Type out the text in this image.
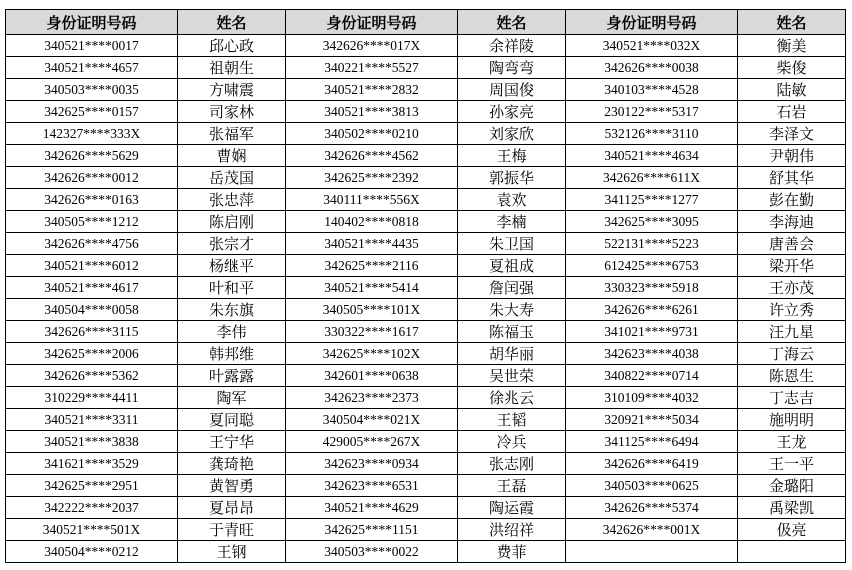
身份证明号码	姓名	身份证明号码	姓名	身份证明号码	姓名
340521****0017	邱心政	342626****017X	余祥陵	340521****032X	衡美
340521****4657	祖朝生	340221****5527	陶弯弯	342626****0038	柴俊
340503****0035	方啸震	340521****2832	周国俊	340103****4528	陆敏
342625****0157	司家林	340521****3813	孙家亮	230122****5317	石岩
142327****333X	张福军	340502****0210	刘家欣	532126****3110	李泽文
342626****5629	曹娴	342626****4562	王梅	340521****4634	尹朝伟
342626****0012	岳茂国	342625****2392	郭振华	342626****611X	舒其华
342626****0163	张忠萍	340111****556X	袁欢	341125****1277	彭在勤
340505****1212	陈启刚	140402****0818	李楠	342625****3095	李海迪
342626****4756	张宗才	340521****4435	朱卫国	522131****5223	唐善会
340521****6012	杨继平	342625****2116	夏祖成	612425****6753	梁开华
340521****4617	叶和平	340521****5414	詹闰强	330323****5918	王亦茂
340504****0058	朱东旗	340505****101X	朱大寿	342626****6261	许立秀
342626****3115	李伟	330322****1617	陈福玉	341021****9731	汪九星
342625****2006	韩邦维	342625****102X	胡华丽	342623****4038	丁海云
342626****5362	叶露露	342601****0638	吴世荣	340822****0714	陈恩生
310229****4411	陶军	342623****2373	徐兆云	310109****4032	丁志吉
340521****3311	夏同聪	340504****021X	王韬	320921****5034	施明明
340521****3838	王宁华	429005****267X	冷兵	341125****6494	王龙
341621****3529	龚琦艳	342623****0934	张志刚	342626****6419	王一平
342625****2951	黄智勇	342623****6531	王磊	340503****0625	金璐阳
342222****2037	夏昂昂	340521****4629	陶运霞	342626****5374	禹梁凯
340521****501X	于青旺	342625****1151	洪绍祥	342626****001X	伋亮
340504****0212	王钢	340503****0022	费菲		
